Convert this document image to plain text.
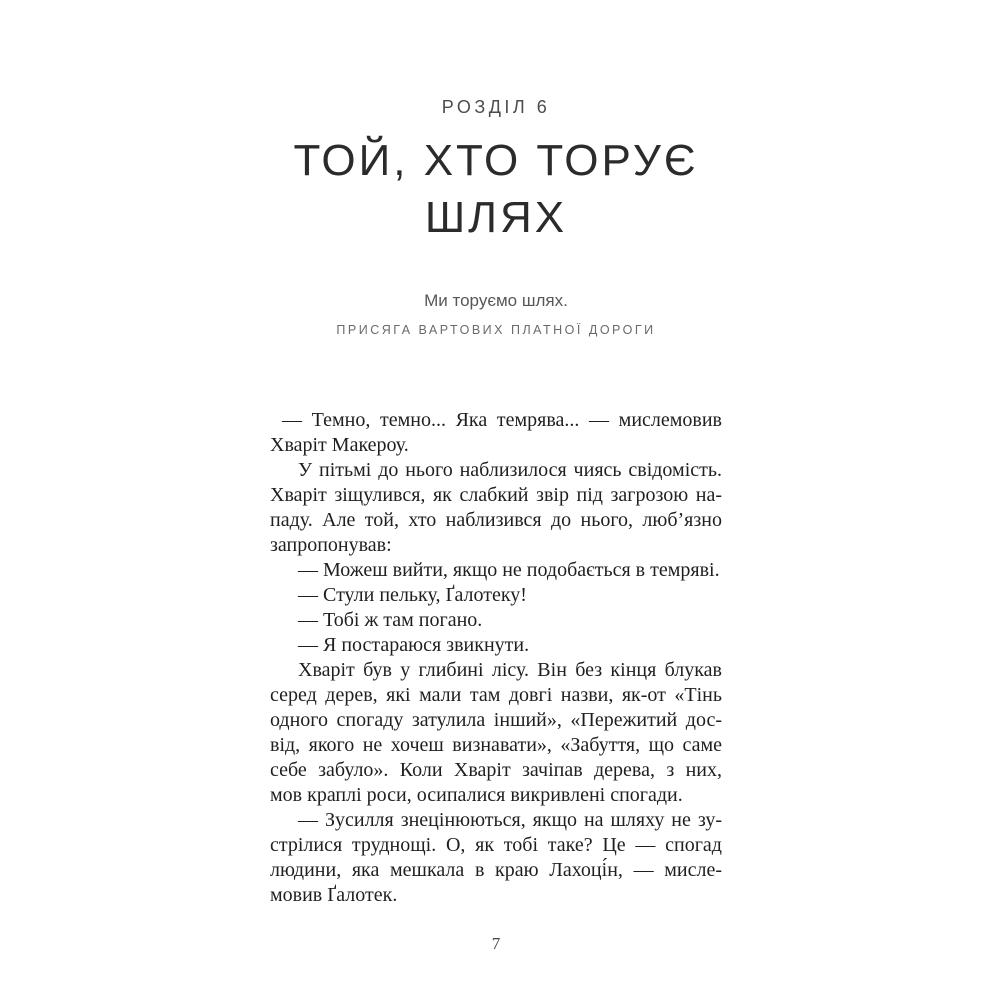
РОЗДІЛ 6
ТОЙ, ХТО ТОРУЄ
ШЛЯХ
Ми торуємо шлях.
ПРИСЯГА ВАРТОВИХ ПЛАТНОЇ ДОРОГИ
— Темно, темно... Яка темрява... — мислемовив
Хваріт Макероу.
У пітьмі до нього наблизилося чиясь свідомість.
Хваріт зіщулився, як слабкий звір під загрозою на-
паду. Але той, хто наблизився до нього, люб’язно
запропонував:
— Можеш вийти, якщо не подобається в темряві.
— Стули пельку, Ґалотеку!
— Тобі ж там погано.
— Я постараюся звикнути.
Хваріт був у глибині лісу. Він без кінця блукав
серед дерев, які мали там довгі назви, як-от «Тінь
одного спогаду затулила інший», «Пережитий дос-
від, якого не хочеш визнавати», «Забуття, що саме
себе забуло». Коли Хваріт зачіпав дерева, з них,
мов краплі роси, осипалися викривлені спогади.
— Зусилля знецінюються, якщо на шляху не зу-
стрілися труднощі. О, як тобі таке? Це — спогад
людини, яка мешкала в краю Лахоці́н, — мисле-
мовив Ґалотек.
7
